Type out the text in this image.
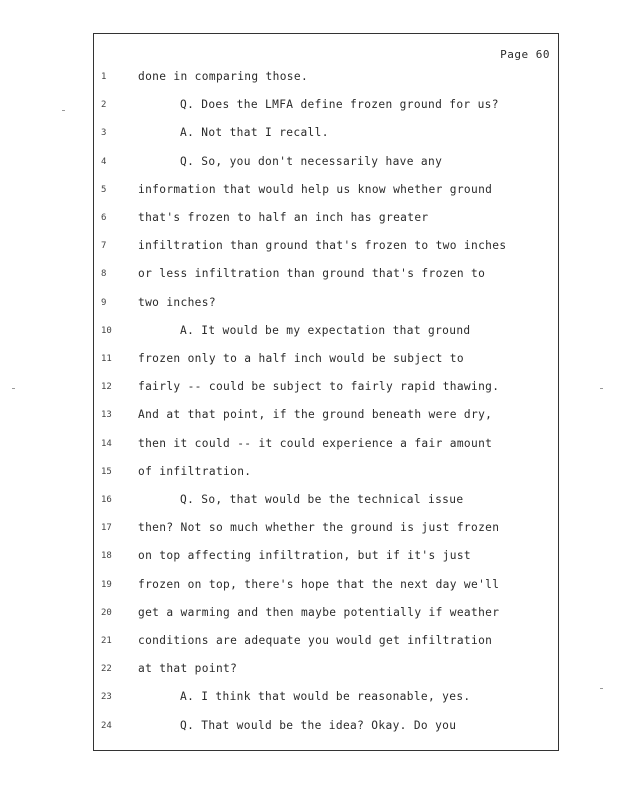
Page 60
1	done in comparing those.
2	Q. Does the LMFA define frozen ground for us?
3	A. Not that I recall.
4	Q. So, you don't necessarily have any
5	information that would help us know whether ground
6	that's frozen to half an inch has greater
7	infiltration than ground that's frozen to two inches
8	or less infiltration than ground that's frozen to
9	two inches?
10	A. It would be my expectation that ground
11	frozen only to a half inch would be subject to
12	fairly -- could be subject to fairly rapid thawing.
13	And at that point, if the ground beneath were dry,
14	then it could -- it could experience a fair amount
15	of infiltration.
16	Q. So, that would be the technical issue
17	then? Not so much whether the ground is just frozen
18	on top affecting infiltration, but if it's just
19	frozen on top, there's hope that the next day we'll
20	get a warming and then maybe potentially if weather
21	conditions are adequate you would get infiltration
22	at that point?
23	A. I think that would be reasonable, yes.
24	Q. That would be the idea? Okay. Do you
